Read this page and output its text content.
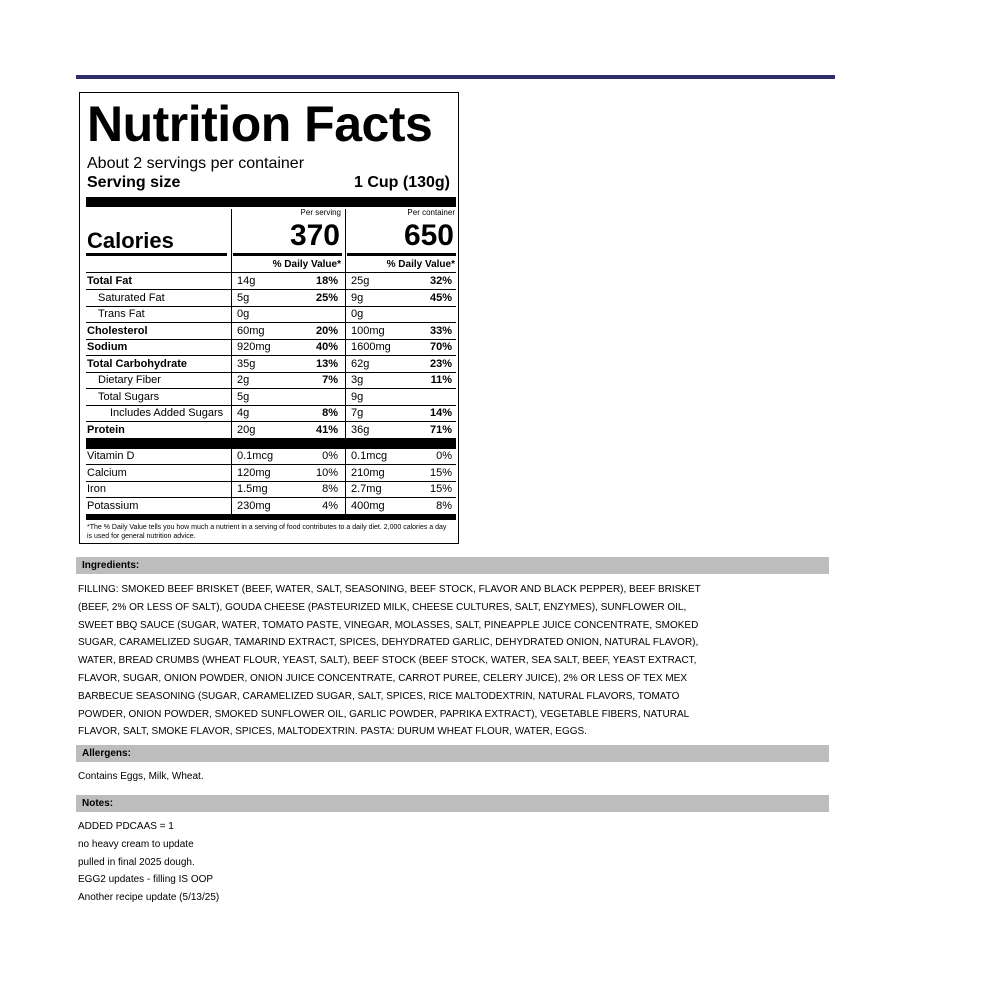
Nutrition Facts
About 2 servings per container
Serving size	1 Cup (130g)
Calories
Per serving	Per container
370 650
% Daily Value*	% Daily Value*
Total Fat	14g	18% 25g	32%
Saturated Fat	5g	25% 9g	45%
Trans Fat	0g	0g
Cholesterol	60mg	20% 100mg	33%
Sodium	920mg	40% 1600mg	70%
Total Carbohydrate	35g	13% 62g	23%
Dietary Fiber	2g	7% 3g	11%
Total Sugars	5g	9g
Includes Added Sugars 4g	8% 7g	14%
Protein	20g	41% 36g	71%
Vitamin D	0.1mcg	0% 0.1mcg	0%
Calcium	120mg	10% 210mg	15%
Iron	1.5mg	8% 2.7mg	15%
Potassium	230mg	4% 400mg	8%
*The % Daily Value tells you how much a nutrient in a serving of food contributes to a daily diet. 2,000 calories a day is used for general nutrition advice.
Ingredients:
FILLING: SMOKED BEEF BRISKET (BEEF, WATER, SALT, SEASONING, BEEF STOCK, FLAVOR AND BLACK PEPPER), BEEF BRISKET
(BEEF, 2% OR LESS OF SALT), GOUDA CHEESE (PASTEURIZED MILK, CHEESE CULTURES, SALT, ENZYMES), SUNFLOWER OIL,
SWEET BBQ SAUCE (SUGAR, WATER, TOMATO PASTE, VINEGAR, MOLASSES, SALT, PINEAPPLE JUICE CONCENTRATE, SMOKED
SUGAR, CARAMELIZED SUGAR, TAMARIND EXTRACT, SPICES, DEHYDRATED GARLIC, DEHYDRATED ONION, NATURAL FLAVOR),
WATER, BREAD CRUMBS (WHEAT FLOUR, YEAST, SALT), BEEF STOCK (BEEF STOCK, WATER, SEA SALT, BEEF, YEAST EXTRACT,
FLAVOR, SUGAR, ONION POWDER, ONION JUICE CONCENTRATE, CARROT PUREE, CELERY JUICE), 2% OR LESS OF TEX MEX
BARBECUE SEASONING (SUGAR, CARAMELIZED SUGAR, SALT, SPICES, RICE MALTODEXTRIN, NATURAL FLAVORS, TOMATO
POWDER, ONION POWDER, SMOKED SUNFLOWER OIL, GARLIC POWDER, PAPRIKA EXTRACT), VEGETABLE FIBERS, NATURAL
FLAVOR, SALT, SMOKE FLAVOR, SPICES, MALTODEXTRIN. PASTA: DURUM WHEAT FLOUR, WATER, EGGS.
Allergens:
Contains Eggs, Milk, Wheat.
Notes:
ADDED PDCAAS = 1
no heavy cream to update
pulled in final 2025 dough.
EGG2 updates - filling IS OOP
Another recipe update (5/13/25)
